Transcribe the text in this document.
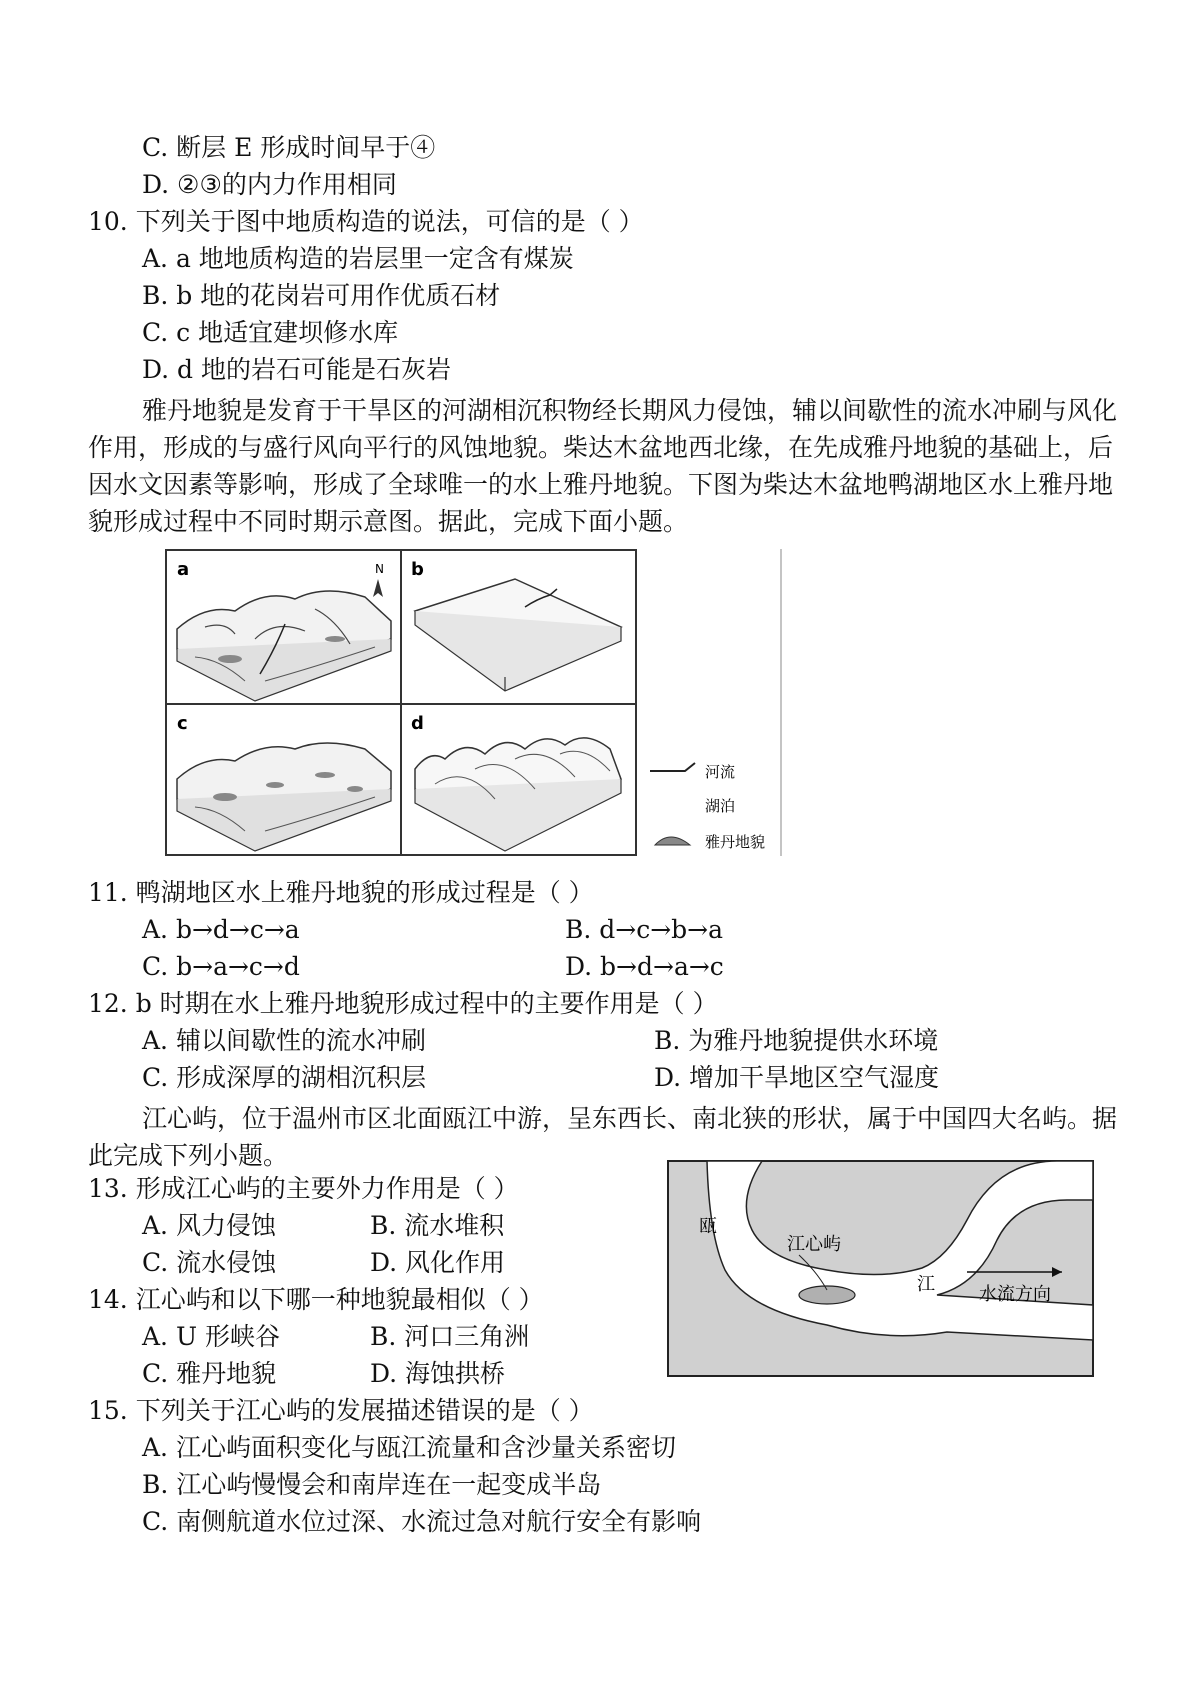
C. 断层 E 形成时间早于④
D. ②③的内力作用相同
10. 下列关于图中地质构造的说法，可信的是（ ）
A. a 地地质构造的岩层里一定含有煤炭
B. b 地的花岗岩可用作优质石材
C. c 地适宜建坝修水库
D. d 地的岩石可能是石灰岩
雅丹地貌是发育于干旱区的河湖相沉积物经长期风力侵蚀，辅以间歇性的流水冲刷与风化作用，形成的与盛行风向平行的风蚀地貌。柴达木盆地西北缘，在先成雅丹地貌的基础上，后因水文因素等影响，形成了全球唯一的水上雅丹地貌。下图为柴达木盆地鸭湖地区水上雅丹地貌形成过程中不同时期示意图。据此，完成下面小题。
a	N b
c	d
河流
湖泊
雅丹地貌
11. 鸭湖地区水上雅丹地貌的形成过程是（ ）
A. b→d→c→a	B. d→c→b→a
C. b→a→c→d	D. b→d→a→c
12. b 时期在水上雅丹地貌形成过程中的主要作用是（ ）
A. 辅以间歇性的流水冲刷	B. 为雅丹地貌提供水环境
C. 形成深厚的湖相沉积层	D. 增加干旱地区空气湿度
江心屿，位于温州市区北面瓯江中游，呈东西长、南北狭的形状，属于中国四大名屿。据此完成下列小题。
13. 形成江心屿的主要外力作用是（ ）
A. 风力侵蚀	B. 流水堆积
C. 流水侵蚀	D. 风化作用
14. 江心屿和以下哪一种地貌最相似（ ）
A. U 形峡谷	B. 河口三角洲
C. 雅丹地貌	D. 海蚀拱桥
江心屿
瓯
江 水流方向
15. 下列关于江心屿的发展描述错误的是（ ）
A. 江心屿面积变化与瓯江流量和含沙量关系密切
B. 江心屿慢慢会和南岸连在一起变成半岛
C. 南侧航道水位过深、水流过急对航行安全有影响
